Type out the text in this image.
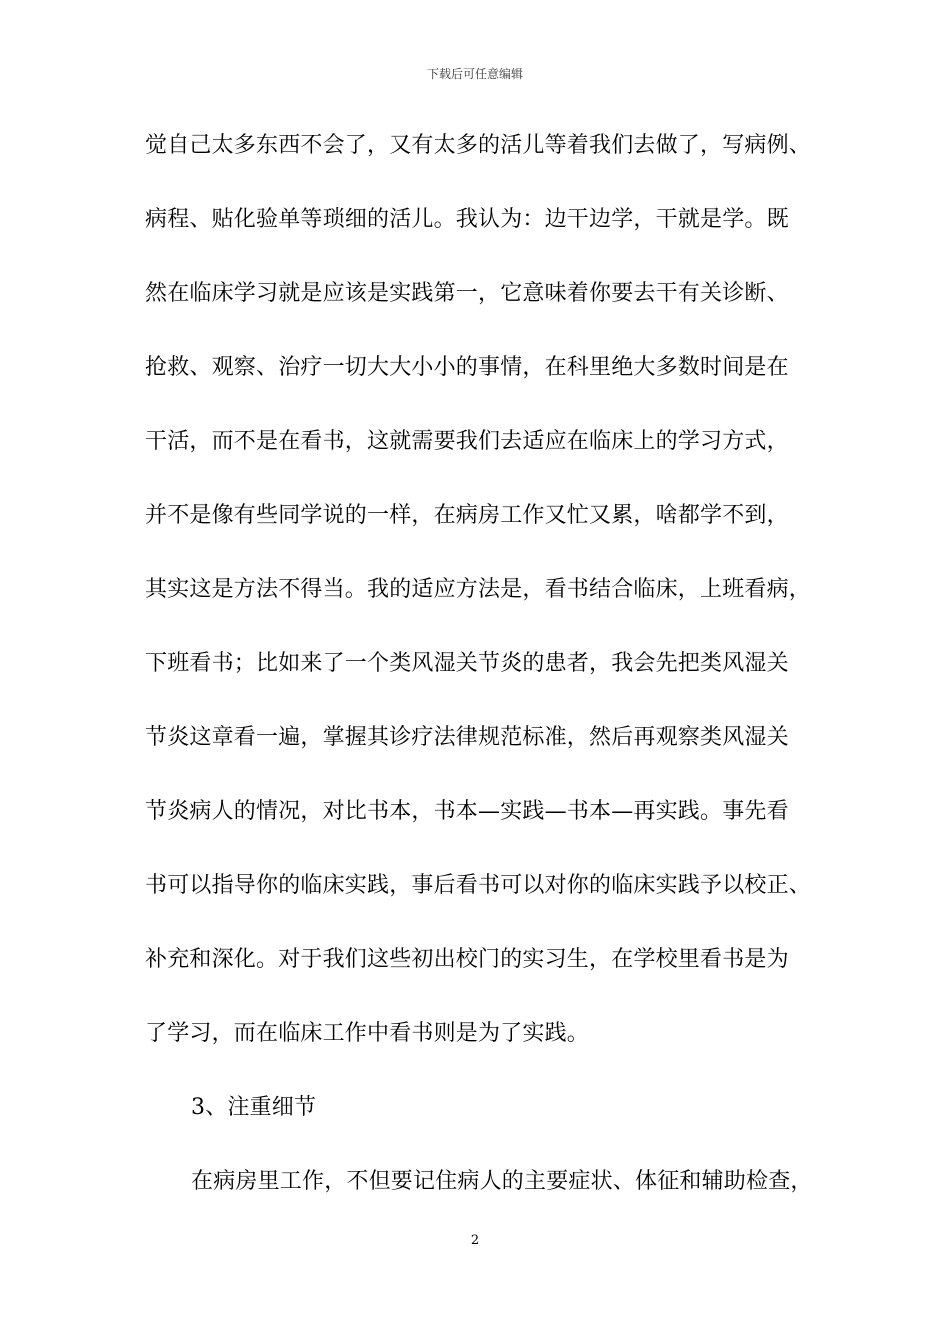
下载后可任意编辑
觉自己太多东西不会了，又有太多的活儿等着我们去做了，写病例、
病程、贴化验单等琐细的活儿。我认为：边干边学，干就是学。既
然在临床学习就是应该是实践第一，它意味着你要去干有关诊断、
抢救、观察、治疗一切大大小小的事情，在科里绝大多数时间是在
干活，而不是在看书，这就需要我们去适应在临床上的学习方式，
并不是像有些同学说的一样，在病房工作又忙又累，啥都学不到，
其实这是方法不得当。我的适应方法是，看书结合临床，上班看病，
下班看书；比如来了一个类风湿关节炎的患者，我会先把类风湿关
节炎这章看一遍，掌握其诊疗法律规范标准，然后再观察类风湿关
节炎病人的情况，对比书本，书本—实践—书本—再实践。事先看
书可以指导你的临床实践，事后看书可以对你的临床实践予以校正、
补充和深化。对于我们这些初出校门的实习生，在学校里看书是为
了学习，而在临床工作中看书则是为了实践。
3、注重细节
在病房里工作，不但要记住病人的主要症状、体征和辅助检查，
2
